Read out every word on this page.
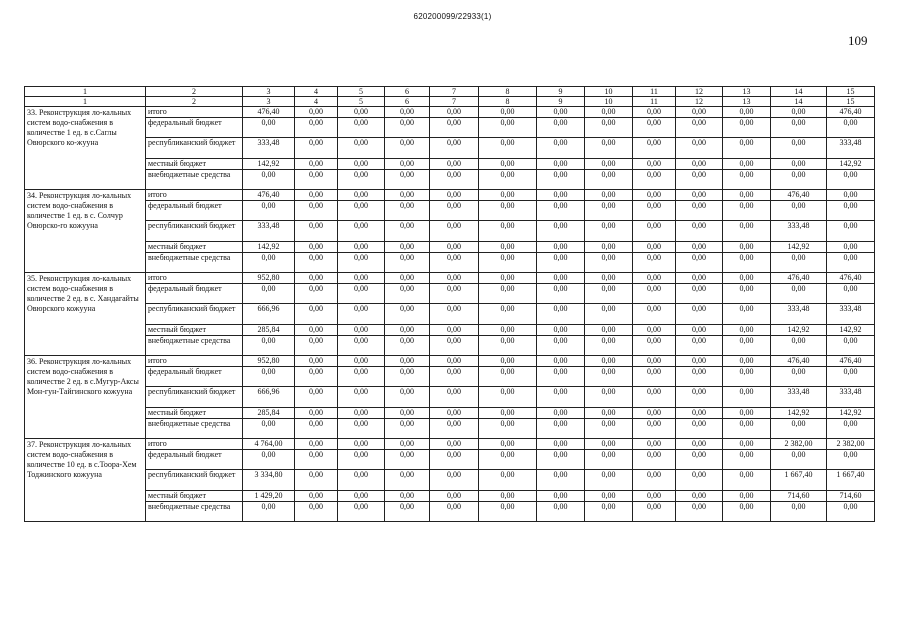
620200099/22933(1)
109
1	2	3	4	5	6	7	8	9	10	11	12	13	14	15
1	2	3	4	5	6	7	8	9	10	11	12	13	14	15
33. Реконструкция ло-кальных систем водо-снабжения в количестве 1 ед. в с.Саглы Овюрского ко-жууна	итого	476,40	0,00	0,00	0,00	0,00	0,00	0,00	0,00	0,00	0,00	0,00	0,00	476,40
	федеральный бюджет	0,00	0,00	0,00	0,00	0,00	0,00	0,00	0,00	0,00	0,00	0,00	0,00	0,00
	республиканский бюджет	333,48	0,00	0,00	0,00	0,00	0,00	0,00	0,00	0,00	0,00	0,00	0,00	333,48
	местный бюджет	142,92	0,00	0,00	0,00	0,00	0,00	0,00	0,00	0,00	0,00	0,00	0,00	142,92
	внебюджетные средства	0,00	0,00	0,00	0,00	0,00	0,00	0,00	0,00	0,00	0,00	0,00	0,00	0,00
34. Реконструкция ло-кальных систем водо-снабжения в количестве 1 ед. в с. Солчур Овюрско-го кожууна	итого	476,40	0,00	0,00	0,00	0,00	0,00	0,00	0,00	0,00	0,00	0,00	476,40	0,00
	федеральный бюджет	0,00	0,00	0,00	0,00	0,00	0,00	0,00	0,00	0,00	0,00	0,00	0,00	0,00
	республиканский бюджет	333,48	0,00	0,00	0,00	0,00	0,00	0,00	0,00	0,00	0,00	0,00	333,48	0,00
	местный бюджет	142,92	0,00	0,00	0,00	0,00	0,00	0,00	0,00	0,00	0,00	0,00	142,92	0,00
	внебюджетные средства	0,00	0,00	0,00	0,00	0,00	0,00	0,00	0,00	0,00	0,00	0,00	0,00	0,00
35. Реконструкция ло-кальных систем водо-снабжения в количестве 2 ед. в с. Хандагайты Овюрского кожууна	итого	952,80	0,00	0,00	0,00	0,00	0,00	0,00	0,00	0,00	0,00	0,00	476,40	476,40
	федеральный бюджет	0,00	0,00	0,00	0,00	0,00	0,00	0,00	0,00	0,00	0,00	0,00	0,00	0,00
	республиканский бюджет	666,96	0,00	0,00	0,00	0,00	0,00	0,00	0,00	0,00	0,00	0,00	333,48	333,48
	местный бюджет	285,84	0,00	0,00	0,00	0,00	0,00	0,00	0,00	0,00	0,00	0,00	142,92	142,92
	внебюджетные средства	0,00	0,00	0,00	0,00	0,00	0,00	0,00	0,00	0,00	0,00	0,00	0,00	0,00
36. Реконструкция ло-кальных систем водо-снабжения в количестве 2 ед. в с.Мугур-Аксы Мон-гун-Тайгинского кожууна	итого	952,80	0,00	0,00	0,00	0,00	0,00	0,00	0,00	0,00	0,00	0,00	476,40	476,40
	федеральный бюджет	0,00	0,00	0,00	0,00	0,00	0,00	0,00	0,00	0,00	0,00	0,00	0,00	0,00
	республиканский бюджет	666,96	0,00	0,00	0,00	0,00	0,00	0,00	0,00	0,00	0,00	0,00	333,48	333,48
	местный бюджет	285,84	0,00	0,00	0,00	0,00	0,00	0,00	0,00	0,00	0,00	0,00	142,92	142,92
	внебюджетные средства	0,00	0,00	0,00	0,00	0,00	0,00	0,00	0,00	0,00	0,00	0,00	0,00	0,00
37. Реконструкция ло-кальных систем водо-снабжения в количестве 10 ед. в с.Тоора-Хем Тоджинского кожууна	итого	4 764,00	0,00	0,00	0,00	0,00	0,00	0,00	0,00	0,00	0,00	0,00	2 382,00	2 382,00
	федеральный бюджет	0,00	0,00	0,00	0,00	0,00	0,00	0,00	0,00	0,00	0,00	0,00	0,00	0,00
	республиканский бюджет	3 334,80	0,00	0,00	0,00	0,00	0,00	0,00	0,00	0,00	0,00	0,00	1 667,40	1 667,40
	местный бюджет	1 429,20	0,00	0,00	0,00	0,00	0,00	0,00	0,00	0,00	0,00	0,00	714,60	714,60
	внебюджетные средства	0,00	0,00	0,00	0,00	0,00	0,00	0,00	0,00	0,00	0,00	0,00	0,00	0,00
